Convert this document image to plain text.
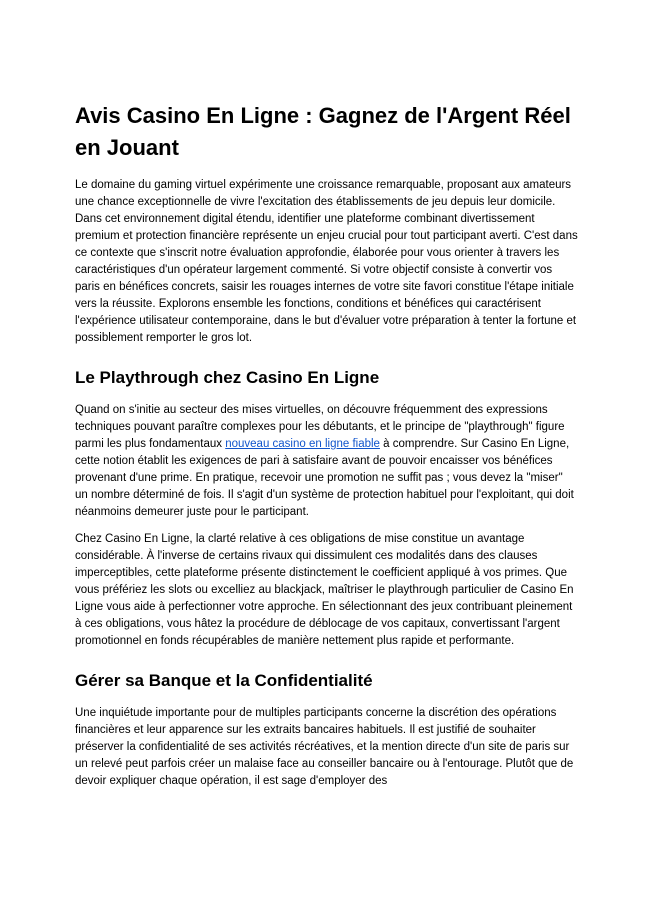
Avis Casino En Ligne : Gagnez de l'Argent Réel en Jouant

Le domaine du gaming virtuel expérimente une croissance remarquable, proposant aux amateurs une chance exceptionnelle de vivre l'excitation des établissements de jeu depuis leur domicile. Dans cet environnement digital étendu, identifier une plateforme combinant divertissement premium et protection financière représente un enjeu crucial pour tout participant averti. C'est dans ce contexte que s'inscrit notre évaluation approfondie, élaborée pour vous orienter à travers les caractéristiques d'un opérateur largement commenté. Si votre objectif consiste à convertir vos paris en bénéfices concrets, saisir les rouages internes de votre site favori constitue l'étape initiale vers la réussite. Explorons ensemble les fonctions, conditions et bénéfices qui caractérisent l'expérience utilisateur contemporaine, dans le but d'évaluer votre préparation à tenter la fortune et possiblement remporter le gros lot.

Le Playthrough chez Casino En Ligne

Quand on s'initie au secteur des mises virtuelles, on découvre fréquemment des expressions techniques pouvant paraître complexes pour les débutants, et le principe de "playthrough" figure parmi les plus fondamentaux nouveau casino en ligne fiable à comprendre. Sur Casino En Ligne, cette notion établit les exigences de pari à satisfaire avant de pouvoir encaisser vos bénéfices provenant d'une prime. En pratique, recevoir une promotion ne suffit pas ; vous devez la "miser" un nombre déterminé de fois. Il s'agit d'un système de protection habituel pour l'exploitant, qui doit néanmoins demeurer juste pour le participant.

Chez Casino En Ligne, la clarté relative à ces obligations de mise constitue un avantage considérable. À l'inverse de certains rivaux qui dissimulent ces modalités dans des clauses imperceptibles, cette plateforme présente distinctement le coefficient appliqué à vos primes. Que vous préfériez les slots ou excelliez au blackjack, maîtriser le playthrough particulier de Casino En Ligne vous aide à perfectionner votre approche. En sélectionnant des jeux contribuant pleinement à ces obligations, vous hâtez la procédure de déblocage de vos capitaux, convertissant l'argent promotionnel en fonds récupérables de manière nettement plus rapide et performante.

Gérer sa Banque et la Confidentialité

Une inquiétude importante pour de multiples participants concerne la discrétion des opérations financières et leur apparence sur les extraits bancaires habituels. Il est justifié de souhaiter préserver la confidentialité de ses activités récréatives, et la mention directe d'un site de paris sur un relevé peut parfois créer un malaise face au conseiller bancaire ou à l'entourage. Plutôt que de devoir expliquer chaque opération, il est sage d'employer des
